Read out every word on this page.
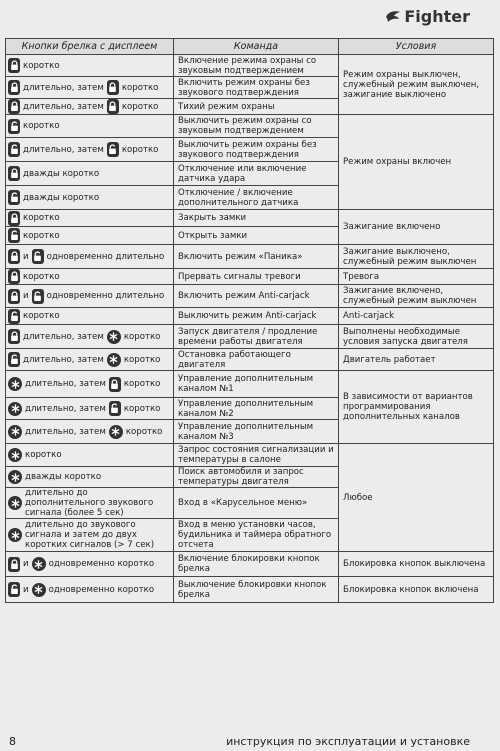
Fighter
Кнопки брелка с дисплеем	Команда	Условия

коротко	Включение режима охраны со звуковым подтверждением	Режим охраны выключен, служебный режим выключен, зажигание выключено

длительно, затем коротко	Включить режим охраны без звукового подтверждения	

длительно, затем коротко	Тихий режим охраны	

коротко	Выключить режим охраны со звуковым подтверждением	Режим охраны включен

длительно, затем коротко	Выключить режим охраны без звукового подтверждения	

дважды коротко	Отключение или включение датчика удара	

дважды коротко	Отключение / включение дополнительного датчика	

коротко	Закрыть замки	Зажигание включено

коротко	Открыть замки	

и одновременно длительно	Включить режим «Паника»	Зажигание выключено, служебный режим выключен

коротко	Прервать сигналы тревоги	Тревога

и одновременно длительно	Включить режим Anti-carjack	Зажигание включено, служебный режим выключен

коротко	Выключить режим Anti-carjack	Anti-carjack

длительно, затем коротко	Запуск двигателя / продление времени работы двигателя	Выполнены необходимые условия запуска двигателя

длительно, затем коротко	Остановка работающего двигателя	Двигатель работает

длительно, затем коротко	Управление дополнительным каналом №1	В зависимости от вариантов программирования дополнительных каналов

длительно, затем коротко	Управление дополнительным каналом №2	

длительно, затем коротко	Управление дополнительным каналом №3	

коротко	Запрос состояния сигнализации и температуры в салоне	Любое

дважды коротко	Поиск автомобиля и запрос температуры двигателя	

длительно до дополнительного звукового сигнала (более 5 сек)	Вход в «Карусельное меню»	

длительно до звукового сигнала и затем до двух коротких сигналов (> 7 сек)	Вход в меню установки часов, будильника и таймера обратного отсчета	

и одновременно коротко	Включение блокировки кнопок брелка	Блокировка кнопок выключена

и одновременно коротко	Выключение блокировки кнопок брелка	Блокировка кнопок включена
8	инструкция по эксплуатации и установке
